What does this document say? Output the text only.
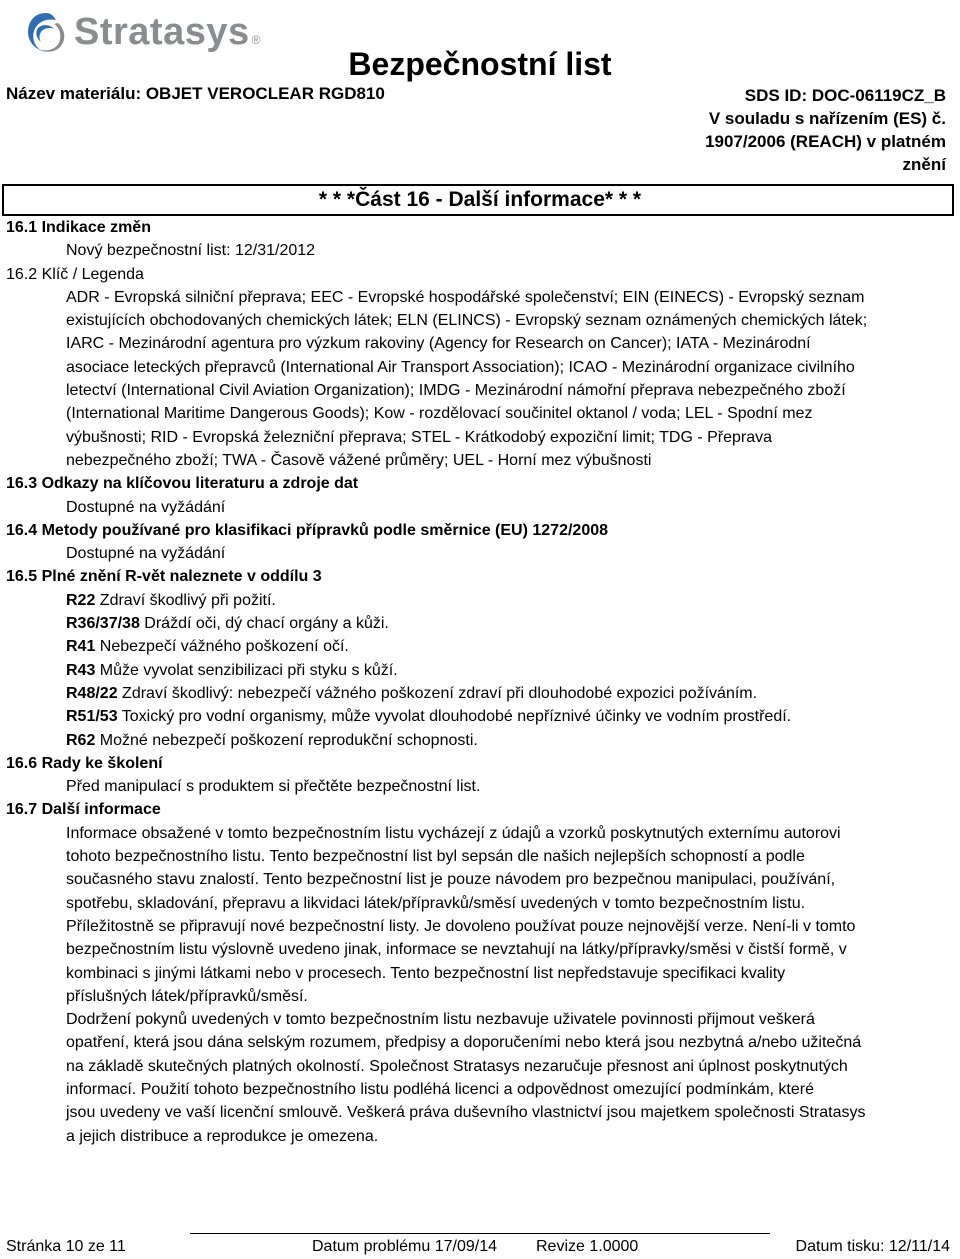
Stratasys ®
Bezpečnostní list
Název materiálu: OBJET VEROCLEAR RGD810	SDS ID: DOC-06119CZ_B
V souladu s nařízením (ES) č.
1907/2006 (REACH) v platném
znění
* * *Část 16 - Další informace* * *
16.1 Indikace změn
Nový bezpečnostní list: 12/31/2012
16.2 Klíč / Legenda
ADR - Evropská silniční přeprava; EEC - Evropské hospodářské společenství; EIN (EINECS) - Evropský seznam
existujících obchodovaných chemických látek; ELN (ELINCS) - Evropský seznam oznámených chemických látek;
IARC - Mezinárodní agentura pro výzkum rakoviny (Agency for Research on Cancer); IATA - Mezinárodní
asociace leteckých přepravců (International Air Transport Association); ICAO - Mezinárodní organizace civilního
letectví (International Civil Aviation Organization); IMDG - Mezinárodní námořní přeprava nebezpečného zboží
(International Maritime Dangerous Goods); Kow - rozdělovací součinitel oktanol / voda; LEL - Spodní mez
výbušnosti; RID - Evropská železniční přeprava; STEL - Krátkodobý expoziční limit; TDG - Přeprava
nebezpečného zboží; TWA - Časově vážené průměry; UEL - Horní mez výbušnosti
16.3 Odkazy na klíčovou literaturu a zdroje dat
Dostupné na vyžádání
16.4 Metody používané pro klasifikaci přípravků podle směrnice (EU) 1272/2008
Dostupné na vyžádání
16.5 Plné znění R-vět naleznete v oddílu 3
R22 Zdraví škodlivý při požití.
R36/37/38 Dráždí oči, dý chací orgány a kůži.
R41 Nebezpečí vážného poškození očí.
R43 Může vyvolat senzibilizaci při styku s kůží.
R48/22 Zdraví škodlivý: nebezpečí vážného poškození zdraví při dlouhodobé expozici požíváním.
R51/53 Toxický pro vodní organismy, může vyvolat dlouhodobé nepříznivé účinky ve vodním prostředí.
R62 Možné nebezpečí poškození reprodukční schopnosti.
16.6 Rady ke školení
Před manipulací s produktem si přečtěte bezpečnostní list.
16.7 Další informace
Informace obsažené v tomto bezpečnostním listu vycházejí z údajů a vzorků poskytnutých externímu autorovi
tohoto bezpečnostního listu. Tento bezpečnostní list byl sepsán dle našich nejlepších schopností a podle
současného stavu znalostí. Tento bezpečnostní list je pouze návodem pro bezpečnou manipulaci, používání,
spotřebu, skladování, přepravu a likvidaci látek/přípravků/směsí uvedených v tomto bezpečnostním listu.
Příležitostně se připravují nové bezpečnostní listy. Je dovoleno používat pouze nejnovější verze. Není-li v tomto
bezpečnostním listu výslovně uvedeno jinak, informace se nevztahují na látky/přípravky/směsi v čistší formě, v
kombinaci s jinými látkami nebo v procesech. Tento bezpečnostní list nepředstavuje specifikaci kvality
příslušných látek/přípravků/směsí.
Dodržení pokynů uvedených v tomto bezpečnostním listu nezbavuje uživatele povinnosti přijmout veškerá
opatření, která jsou dána selským rozumem, předpisy a doporučeními nebo která jsou nezbytná a/nebo užitečná
na základě skutečných platných okolností. Společnost Stratasys nezaručuje přesnost ani úplnost poskytnutých
informací. Použití tohoto bezpečnostního listu podléhá licenci a odpovědnost omezující podmínkám, které
jsou uvedeny ve vaší licenční smlouvě. Veškerá práva duševního vlastnictví jsou majetkem společnosti Stratasys
a jejich distribuce a reprodukce je omezena.
Stránka 10 ze 11	Datum problému 17/09/14 Revize 1.0000	Datum tisku: 12/11/14
